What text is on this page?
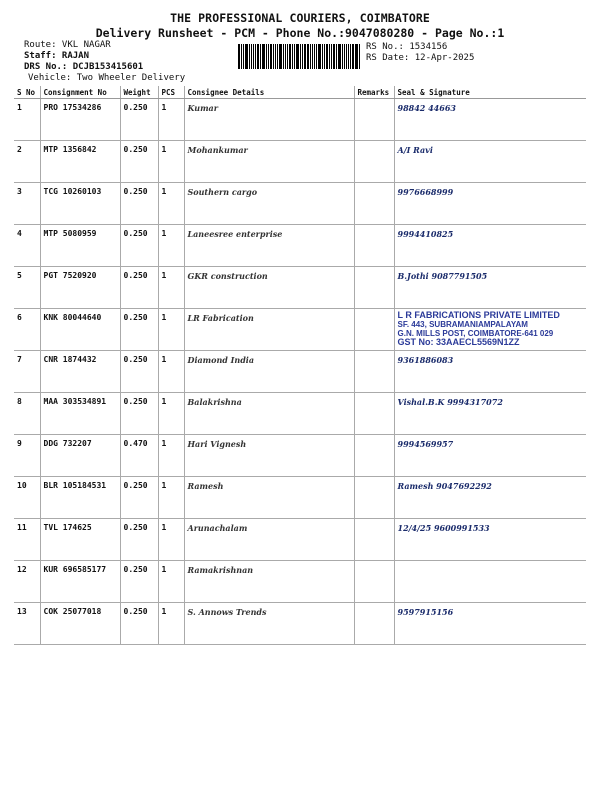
THE PROFESSIONAL COURIERS, COIMBATORE
Delivery Runsheet - PCM - Phone No.:9047080280 - Page No.:1
Route: VKL NAGAR
Staff: RAJAN
DRS No.: DCJB153415601
Vehicle: Two Wheeler Delivery
RS No.: 1534156
RS Date: 12-Apr-2025
S No	Consignment No	Weight	PCS	Consignee Details	Remarks	Seal & Signature
1	PRO 17534286	0.250	1	Kumar		98842 44663
2	MTP 1356842	0.250	1	Mohankumar		A/I Ravi
3	TCG 10260103	0.250	1	Southern cargo		9976668999
4	MTP 5080959	0.250	1	Laneesree enterprise		9994410825
5	PGT 7520920	0.250	1	GKR construction		B.Jothi 9087791505
6	KNK 80044640	0.250	1	LR Fabrication		L R FABRICATIONS PRIVATE LIMITED
SF. 443, SUBRAMANIAMPALAYAM
G.N. MILLS POST, COIMBATORE-641 029
GST No: 33AAECL5569N1ZZ

7	CNR 1874432	0.250	1	Diamond India		9361886083
8	MAA 303534891	0.250	1	Balakrishna		Vishal.B.K 9994317072
9	DDG 732207	0.470	1	Hari Vignesh		9994569957
10	BLR 105184531	0.250	1	Ramesh		Ramesh 9047692292
11	TVL 174625	0.250	1	Arunachalam		12/4/25 9600991533
12	KUR 696585177	0.250	1	Ramakrishnan		
13	COK 25077018	0.250	1	S. Annows Trends		9597915156
